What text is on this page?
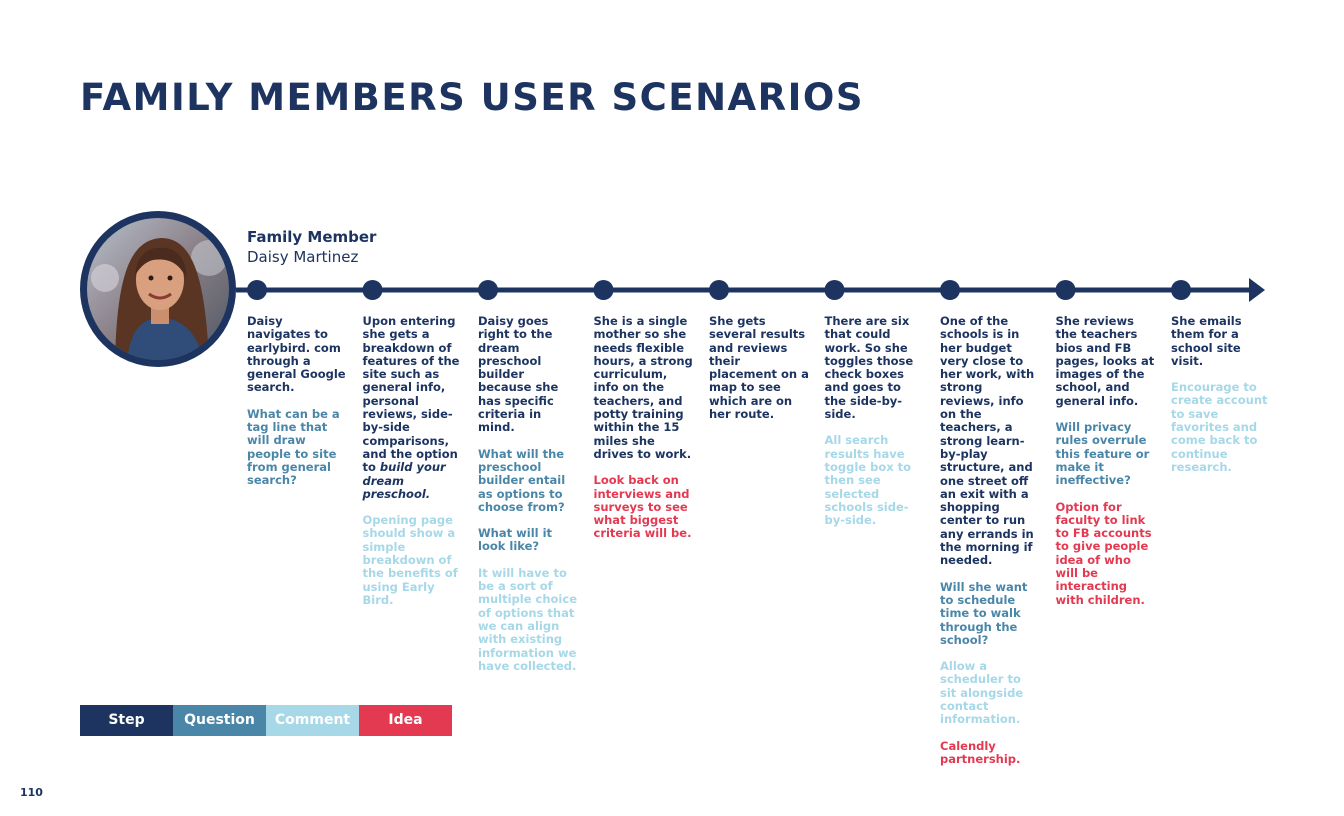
FAMILY MEMBERS USER SCENARIOS
Family Member
Daisy Martinez

Daisy navigates to earlybird. com through a general Google search.

What can be a tag line that will draw people to site from general search?

Upon entering she gets a breakdown of features of the site such as general info, personal reviews, side-by-side comparisons, and the option to build your dream preschool.

Opening page should show a simple breakdown of the benefits of using Early Bird.

Daisy goes right to the dream preschool builder because she has specific criteria in mind.

What will the preschool builder entail as options to choose from?

What will it look like?

It will have to be a sort of multiple choice of options that we can align with existing information we have collected.

She is a single mother so she needs flexible hours, a strong curriculum, info on the teachers, and potty training within the 15 miles she drives to work.

Look back on interviews and surveys to see what biggest criteria will be.

She gets several results and reviews their placement on a map to see which are on her route.

There are six that could work. So she toggles those check boxes and goes to the side-by-side.

All search results have toggle box to then see selected schools side-by-side.

One of the schools is in her budget very close to her work, with strong reviews, info on the teachers, a strong learn-by-play structure, and one street off an exit with a shopping center to run any errands in the morning if needed.

Will she want to schedule time to walk through the school?

Allow a scheduler to sit alongside contact information.

Calendly partnership.

She reviews the teachers bios and FB pages, looks at images of the school, and general info.

Will privacy rules overrule this feature or make it ineffective?

Option for faculty to link to FB accounts to give people idea of who will be interacting with children.

She emails them for a school site visit.

Encourage to create account to save favorites and come back to continue research.

Step	Question	Comment	Idea
110
